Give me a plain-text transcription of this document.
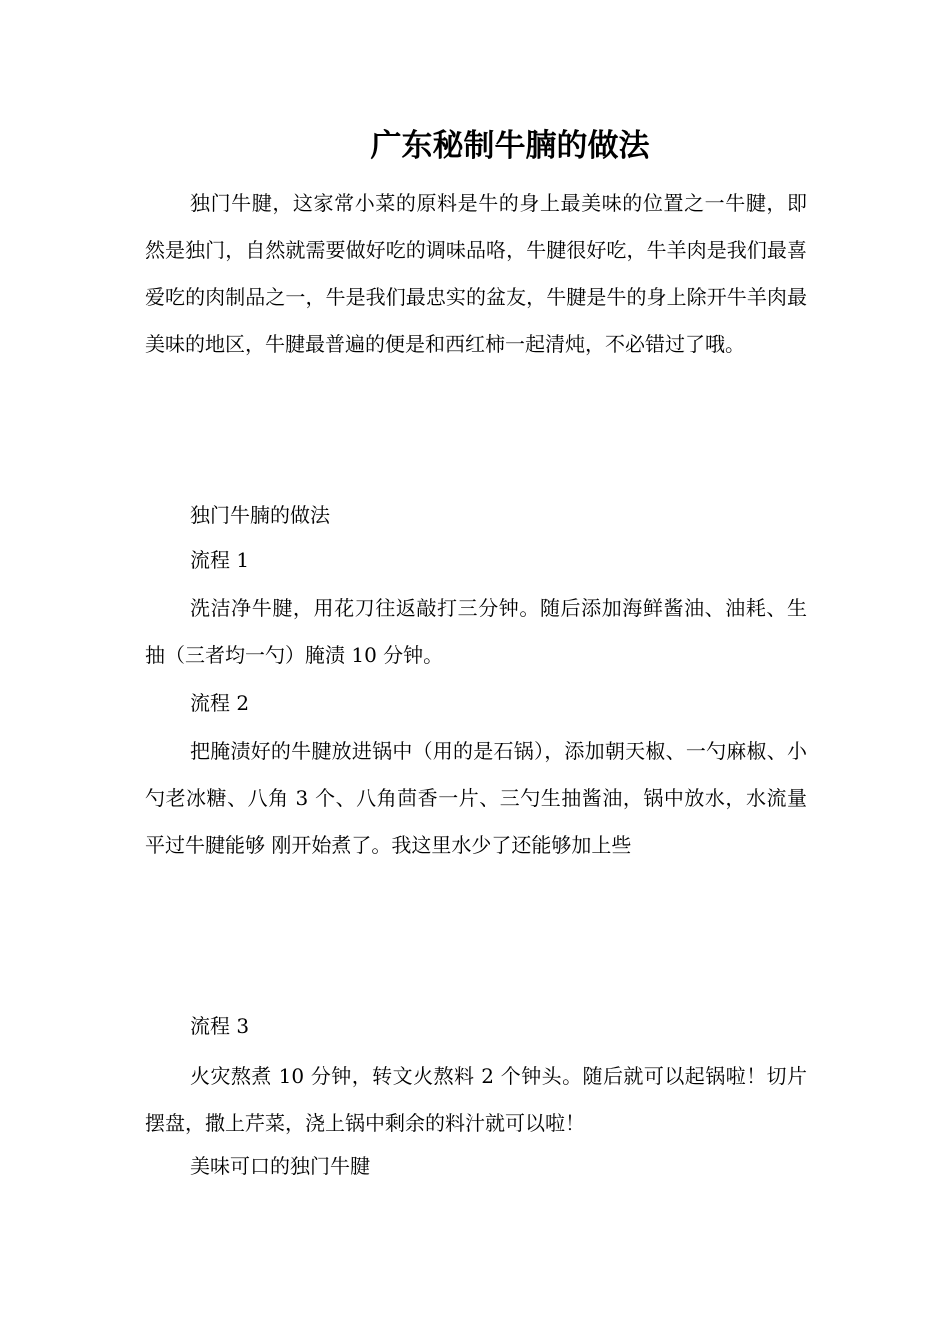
广东秘制牛腩的做法

独门牛腱，这家常小菜的原料是牛的身上最美味的位置之一牛腱，即然是独门，自然就需要做好吃的调味品咯，牛腱很好吃，牛羊肉是我们最喜爱吃的肉制品之一，牛是我们最忠实的盆友，牛腱是牛的身上除开牛羊肉最美味的地区，牛腱最普遍的便是和西红柿一起清炖，不必错过了哦。

独门牛腩的做法

流程 1

洗洁净牛腱，用花刀往返敲打三分钟。随后添加海鲜酱油、油耗、生抽（三者均一勺）腌渍 10 分钟。

流程 2

把腌渍好的牛腱放进锅中（用的是石锅），添加朝天椒、一勺麻椒、小勺老冰糖、八角 3 个、八角茴香一片、三勺生抽酱油，锅中放水，水流量平过牛腱能够 刚开始煮了。我这里水少了还能够加上些

流程 3

火灾熬煮 10 分钟，转文火熬料 2 个钟头。随后就可以起锅啦！切片摆盘，撒上芹菜，浇上锅中剩余的料汁就可以啦！

美味可口的独门牛腱
